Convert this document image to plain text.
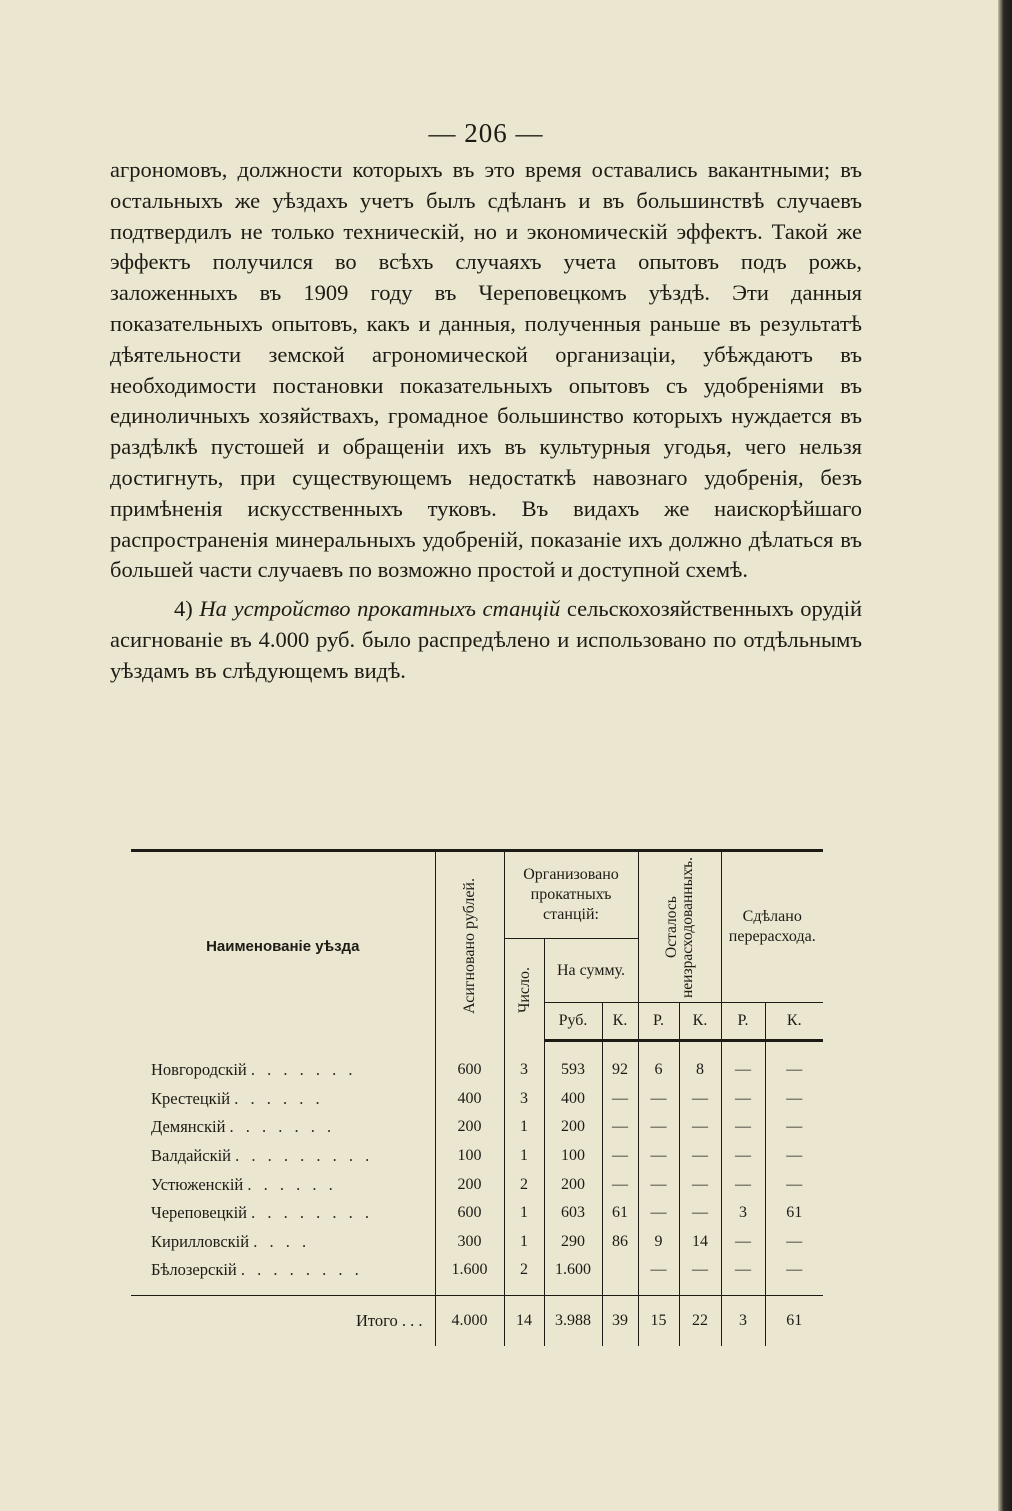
— 206 —

агрономовъ, должности которыхъ въ это время оставались вакантными; въ остальныхъ же уѣздахъ учетъ былъ сдѣланъ и въ большинствѣ случаевъ подтвердилъ не только техническій, но и экономическій эффектъ. Такой же эффектъ получился во всѣхъ случаяхъ учета опытовъ подъ рожь, заложенныхъ въ 1909 году въ Череповецкомъ уѣздѣ. Эти данныя показательныхъ опытовъ, какъ и данныя, полученныя раньше въ результатѣ дѣятельности земской агрономической организаціи, убѣждаютъ въ необходимости постановки показательныхъ опытовъ съ удобреніями въ единоличныхъ хозяйствахъ, громадное большинство которыхъ нуждается въ раздѣлкѣ пустошей и обращеніи ихъ въ культурныя угодья, чего нельзя достигнуть, при существующемъ недостаткѣ навознаго удобренія, безъ примѣненія искусственныхъ туковъ. Въ видахъ же наискорѣйшаго распространенія минеральныхъ удобреній, показаніе ихъ должно дѣлаться въ большей части случаевъ по возможно простой и доступной схемѣ.

4) На устройство прокатныхъ станцій сельскохозяйственныхъ орудій асигнованіе въ 4.000 руб. было распредѣлено и использовано по отдѣльнымъ уѣздамъ въ слѣдующемъ видѣ.

Наименованіе уѣзда	Асигновано рублей.	Организовано прокатныхъ станцій:			Осталось неизрасходованныхъ.		Сдѣлано перерасхода.	

		Число.	На сумму.					
			Руб.	К.	Р.	К.	Р.	К.
Новгородскій . . . . . . .	600	3	593	92	6	8	—	—
Крестецкій . . . . . .	400	3	400	—	—	—	—	—
Демянскій . . . . . . .	200	1	200	—	—	—	—	—
Валдайскій . . . . . . . . .	100	1	100	—	—	—	—	—
Устюженскій . . . . . .	200	2	200	—	—	—	—	—
Череповецкій . . . . . . . .	600	1	603	61	—	—	3	61
Кирилловскій . . . .	300	1	290	86	9	14	—	—
Бѣлозерскій . . . . . . . .	1.600	2	1.600		—	—	—	—
Итого . . .	4.000	14	3.988	39	15	22	3	61
